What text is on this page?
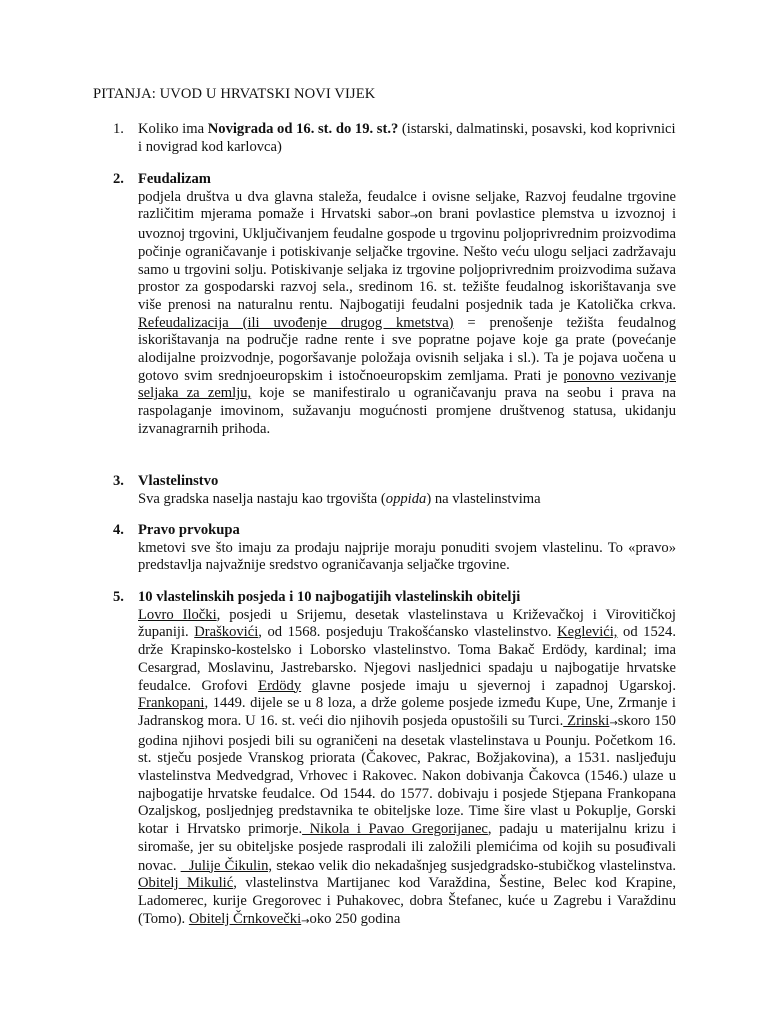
PITANJA: UVOD U HRVATSKI NOVI VIJEK
1. Koliko ima Novigrada od 16. st. do 19. st.? (istarski, dalmatinski, posavski, kod koprivnici i novigrad kod karlovca)
2. Feudalizam
podjela društva u dva glavna staleža, feudalce i ovisne seljake, Razvoj feudalne trgovine različitim mjerama pomaže i Hrvatski sabor→on brani povlastice plemstva u izvoznoj i uvoznoj trgovini, Uključivanjem feudalne gospode u trgovinu poljoprivrednim proizvodima počinje ograničavanje i potiskivanje seljačke trgovine. Nešto veću ulogu seljaci zadržavaju samo u trgovini solju. Potiskivanje seljaka iz trgovine poljoprivrednim proizvodima sužava prostor za gospodarski razvoj sela., sredinom 16. st. težište feudalnog iskorištavanja sve više prenosi na naturalnu rentu. Najbogatiji feudalni posjednik tada je Katolička crkva. Refeudalizacija (ili uvođenje drugog kmetstva) = prenošenje težišta feudalnog iskorištavanja na područje radne rente i sve popratne pojave koje ga prate (povećanje alodijalne proizvodnje, pogoršavanje položaja ovisnih seljaka i sl.). Ta je pojava uočena u gotovo svim srednjoeuropskim i istočnoeuropskim zemljama. Prati je ponovno vezivanje seljaka za zemlju, koje se manifestiralo u ograničavanju prava na seobu i prava na raspolaganje imovinom, sužavanju mogućnosti promjene društvenog statusa, ukidanju izvanagrarnih prihoda.
3. Vlastelinstvo
Sva gradska naselja nastaju kao trgovišta (oppida) na vlastelinstvima
4. Pravo prvokupa
kmetovi sve što imaju za prodaju najprije moraju ponuditi svojem vlastelinu. To «pravo» predstavlja najvažnije sredstvo ograničavanja seljačke trgovine.
5. 10 vlastelinskih posjeda i 10 najbogatijih vlastelinskih obitelji
Lovro Iločki, posjedi u Srijemu, desetak vlastelinstava u Križevačkoj i Virovitičkoj županiji. Draškovići, od 1568. posjeduju Trakošćansko vlastelinstvo. Keglevići, od 1524. drže Krapinsko-kostelsko i Loborsko vlastelinstvo. Toma Bakač Erdödy, kardinal; ima Cesargrad, Moslavinu, Jastrebarsko. Njegovi nasljednici spadaju u najbogatije hrvatske feudalce. Grofovi Erdödy glavne posjede imaju u sjevernoj i zapadnoj Ugarskoj. Frankopani, 1449. dijele se u 8 loza, a drže goleme posjede između Kupe, Une, Zrmanje i Jadranskog mora. U 16. st. veći dio njihovih posjeda opustošili su Turci. Zrinski→skoro 150 godina njihovi posjedi bili su ograničeni na desetak vlastelinstava u Pounju. Početkom 16. st. stječu posjede Vranskog priorata (Čakovec, Pakrac, Božjakovina), a 1531. nasljeđuju vlastelinstva Medvedgrad, Vrhovec i Rakovec. Nakon dobivanja Čakovca (1546.) ulaze u najbogatije hrvatske feudalce. Od 1544. do 1577. dobivaju i posjede Stjepana Frankopana Ozaljskog, posljednjeg predstavnika te obiteljske loze. Time šire vlast u Pokuplje, Gorski kotar i Hrvatsko primorje. Nikola i Pavao Gregorijanec, padaju u materijalnu krizu i siromaše, jer su obiteljske posjede rasprodali ili založili plemićima od kojih su posuđivali novac.   Julije Čikulin, stekao velik dio nekadašnjeg susjedgradsko-stubičkog vlastelinstva. Obitelj Mikulić, vlastelinstva Martijanec kod Varaždina, Šestine, Belec kod Krapine, Ladomerec, kurije Gregorovec i Puhakovec, dobra Štefanec, kuće u Zagrebu i Varaždinu (Tomo). Obitelj Črnkovečki→oko 250 godina
